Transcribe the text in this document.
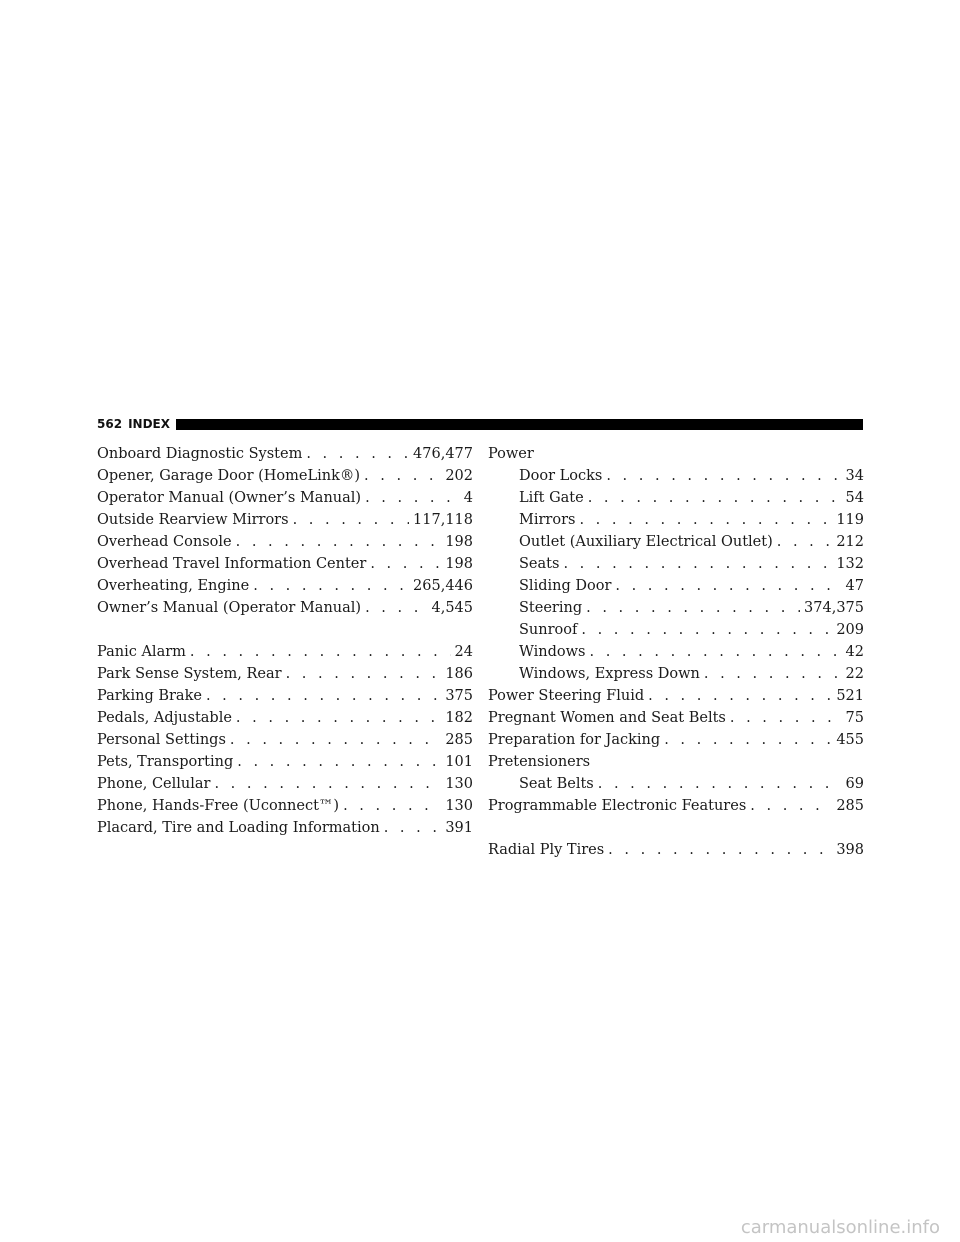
562 INDEX
Onboard Diagnostic System . . .	476,477
Opener, Garage Door (HomeLink®) . . .	202
Operator Manual (Owner’s Manual) . . .	4
Outside Rearview Mirrors . . .	117,118
Overhead Console . . .	198
Overhead Travel Information Center . . .	198
Overheating, Engine . . .	265,446
Owner’s Manual (Operator Manual) . . .	4,545
Panic Alarm . . .	24
Park Sense System, Rear . . .	186
Parking Brake . . .	375
Pedals, Adjustable . . .	182
Personal Settings . . .	285
Pets, Transporting . . .	101
Phone, Cellular . . .	130
Phone, Hands-Free (Uconnect™) . . .	130
Placard, Tire and Loading Information . . .	391
Power
Door Locks . . .	34
Lift Gate . . .	54
Mirrors . . .	119
Outlet (Auxiliary Electrical Outlet) . . .	212
Seats . . .	132
Sliding Door . . .	47
Steering . . .	374,375
Sunroof . . .	209
Windows . . .	42
Windows, Express Down . . .	22
Power Steering Fluid . . .	521
Pregnant Women and Seat Belts . . .	75
Preparation for Jacking . . .	455
Pretensioners
Seat Belts . . .	69
Programmable Electronic Features . . .	285
Radial Ply Tires . . .	398
carmanualsonline.info
